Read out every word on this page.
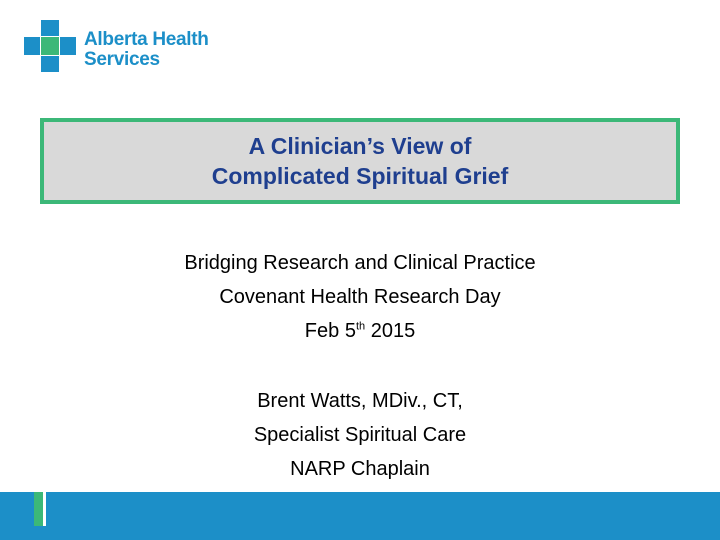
Alberta Health
Services
A Clinician’s View of
Complicated Spiritual Grief
Bridging Research and Clinical Practice
Covenant Health Research Day
Feb 5th 2015
Brent Watts, MDiv., CT,
Specialist Spiritual Care
NARP Chaplain
